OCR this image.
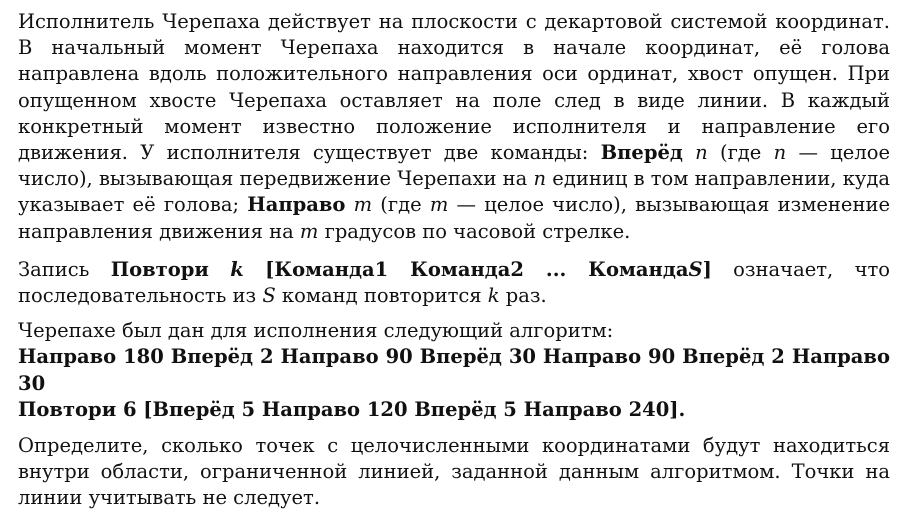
Исполнитель Черепаха действует на плоскости с декартовой системой координат. В начальный момент Черепаха находится в начале координат, её голова направлена вдоль положительного направления оси ординат, хвост опущен. При опущенном хвосте Черепаха оставляет на поле след в виде линии. В каждый конкретный момент известно положение исполнителя и направление его движения. У исполнителя существует две команды: Вперёд n (где n — целое число), вызывающая передвижение Черепахи на n единиц в том направлении, куда указывает её голова; Направо m (где m — целое число), вызывающая изменение направления движения на m градусов по часовой стрелке.

Запись Повтори k [Команда1 Команда2 ... КомандаS] означает, что последовательность из S команд повторится k раз.

Черепахе был дан для исполнения следующий алгоритм:

Направо 180 Вперёд 2 Направо 90 Вперёд 30 Направо 90 Вперёд 2 Направо 30

Повтори 6 [Вперёд 5 Направо 120 Вперёд 5 Направо 240].

Определите, сколько точек с целочисленными координатами будут находиться внутри области, ограниченной линией, заданной данным алгоритмом. Точки на линии учитывать не следует.
